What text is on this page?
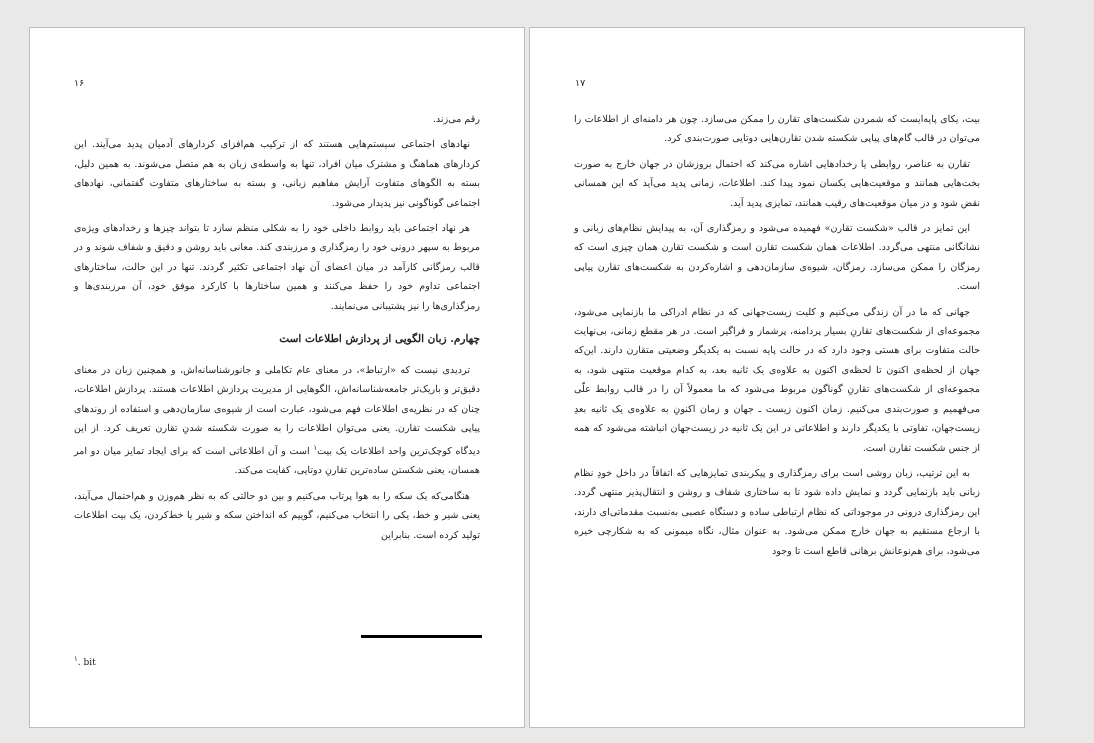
۱۶

رقم می‌زند.

نهادهای اجتماعی سیستم‌هایی هستند که از ترکیب هم‌افزای کردارهای آدمیان پدید می‌آیند. این کردارهای هماهنگ و مشترک میان افراد، تنها به واسطه‌ی زبان به هم متصل می‌شوند. به همین دلیل، بسته به الگوهای متفاوت آرایش مفاهیم زبانی، و بسته به ساختارهای متفاوت گفتمانی، نهادهای اجتماعی گوناگونی نیز پدیدار می‌شود.

هر نهاد اجتماعی باید روابط داخلی خود را به شکلی منظم سازد تا بتواند چیزها و رخدادهای ویژه‌ی مربوط به سپهر درونی خود را رمزگذاری و مرزبندی کند. معانی باید روشن و دقیق و شفاف شوند و در قالب رمزگانی کارآمد در میان اعضای آن نهاد اجتماعی تکثیر گردند. تنها در این حالت، ساختارهای اجتماعی تداوم خود را حفظ می‌کنند و همین ساختارها با کارکرد موفق خود، آن مرزبندی‌ها و رمزگذاری‌ها را نیز پشتیبانی می‌نمایند.

چهارم. زبان الگویی از پردازش اطلاعات است

تردیدی نیست که «ارتباط»، در معنای عام تکاملی و جانورشناسانه‌اش، و همچنین زبان در معنای دقیق‌تر و باریک‌تر جامعه‌شناسانه‌اش، الگوهایی از مدیریت پردازش اطلاعات هستند. پردازش اطلاعات، چنان که در نظریه‌ی اطلاعات فهم می‌شود، عبارت است از شیوه‌ی سازمان‌دهی و استفاده از روندهای پیاپی شکست تقارن. یعنی می‌توان اطلاعات را به صورت شکسته شدنِ تقارن تعریف کرد. از این دیدگاه کوچک‌ترین واحد اطلاعات یک بیت$^۱$ است و آن اطلاعاتی است که برای ایجاد تمایز میان دو امر همسان، یعنی شکستن ساده‌ترین تقارنِ دوتایی، کفایت می‌کند.

هنگامی‌که یک سکه را به هوا پرتاب می‌کنیم و بین دو حالتی که به نظر هم‌وزن و هم‌احتمال می‌آیند، یعنی شیر و خط، یکی را انتخاب می‌کنیم، گوییم که انداختن سکه و شیر یا خط‌کردن، یک بیت اطلاعات تولید کرده است. بنابراین

$^۱$. bit
۱۷

بیت، یکای پایه‌ایست که شمردن شکست‌های تقارن را ممکن می‌سازد. چون هر دامنه‌ای از اطلاعات را می‌توان در قالب گام‌های پیاپی شکسته شدن تقارن‌هایی دوتایی صورت‌بندی کرد.

تقارن به عناصر، روابطی یا رخدادهایی اشاره می‌کند که احتمال بروزشان در جهان خارج به صورت بخت‌هایی همانند و موقعیت‌هایی یکسان نمود پیدا کند. اطلاعات، زمانی پدید می‌آید که این همسانی نقض شود و در میان موقعیت‌های رقیب همانند، تمایزی پدید آید.

این تمایز در قالب «شکست تقارن» فهمیده می‌شود و رمزگذاری آن، به پیدایش نظام‌های زبانی و نشانگانی منتهی می‌گردد. اطلاعات همان شکست تقارن است و شکست تقارن همان چیزی است که رمزگان را ممکن می‌سازد. رمزگان، شیوه‌ی سازمان‌دهی و اشاره‌کردن به شکست‌های تقارن پیاپی است.

جهانی که ما در آن زندگی می‌کنیم و کلیت زیست‌جهانی که در نظام ادراکی ما بازنمایی می‌شود، مجموعه‌ای از شکست‌های تقارنِ بسیار پردامنه، پرشمار و فراگیر است. در هر مقطع زمانی، بی‌نهایت حالت متفاوت برای هستی وجود دارد که در حالت پایه نسبت به یکدیگر وضعیتی متقارن دارند. این‌که جهان از لحظه‌ی اکنون تا لحظه‌ی اکنون به علاوه‌ی یک ثانیه بعد، به کدام موقعیت منتهی شود، به مجموعه‌ای از شکست‌های تقارنِ گوناگون مربوط می‌شود که ما معمولاً آن را در قالب روابط علّی می‌فهمیم و صورت‌بندی می‌کنیم. زمان اکنون زیست ـ جهان و زمان اکنونِ به علاوه‌ی یک ثانیه بعدِ زیست‌جهان، تفاوتی با یکدیگر دارند و اطلاعاتی در این یک ثانیه در زیست‌جهان انباشته می‌شود که همه از جنس شکست تقارن است.

به این ترتیب، زبان روشی است برای رمزگذاری و پیکربندی تمایزهایی که اتفاقاً در داخل خودِ نظام زبانی باید بازنمایی گردد و نمایش داده شود تا به ساختاری شفاف و روشن و انتقال‌پذیر منتهی گردد. این رمزگذاری درونی در موجوداتی که نظام ارتباطی ساده و دستگاه عصبی به‌نسبت مقدماتی‌ای دارند، با ارجاع مستقیم به جهان خارج ممکن می‌شود. به عنوان مثال، نگاه میمونی که به شکارچی خیره می‌شود، برای هم‌نوعانش برهانی قاطع است تا وجود
